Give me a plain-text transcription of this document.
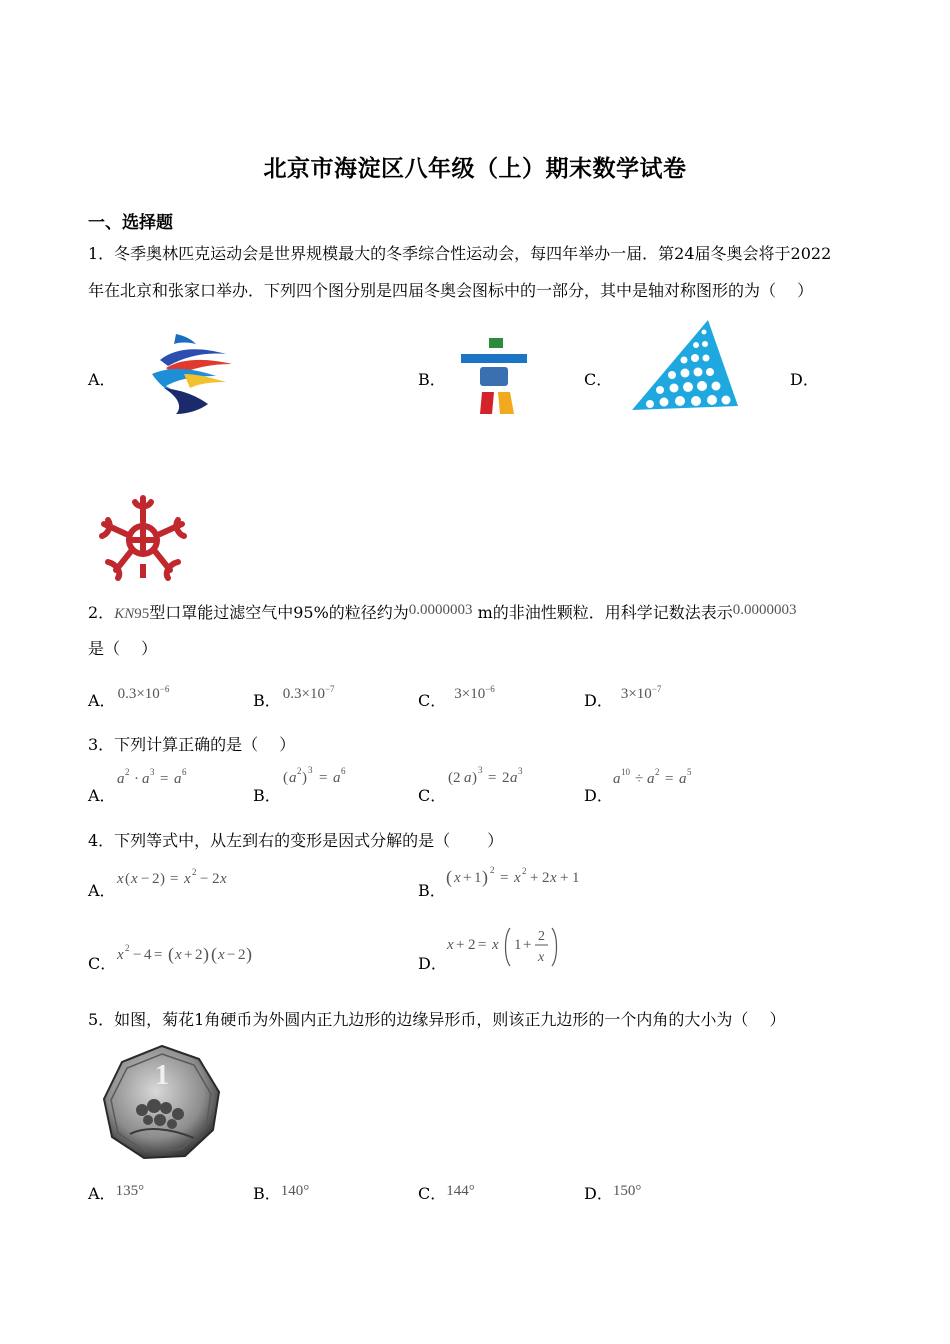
北京市海淀区八年级（上）期末数学试卷
一、选择题
1．冬季奥林匹克运动会是世界规模最大的冬季综合性运动会，每四年举办一届．第24届冬奥会将于2022
年在北京和张家口举办．下列四个图分别是四届冬奥会图标中的一部分，其中是轴对称图形的为（　 ）
A．	B．	C．	D．
2．KN95型口罩能过滤空气中95%的粒径约为0.0000003 m的非油性颗粒．用科学记数法表示0.0000003
是（　 ）
A． $0.3\times 10^{-6}$
B． $0.3\times 10^{-7}$
C． $3\times 10^{-6}$
D． $3\times 10^{-7}$
3．下列计算正确的是（　 ）
A．
a 2 · a 3 = a 6
B．
( a 2 ) 3 = a 6
C．
(2 a ) 3 = 2 a 3
D．
a 10 ÷ a 2 = a 5
4．下列等式中，从左到右的变形是因式分解的是（　　 ）
A．
x ( x − 2 ) = x 2 − 2 x
B．
( x + 1 ) 2 = x 2 + 2 x + 1
C． x 2 − 4 = ( x + 2 ) ( x − 2 )	D．
x + 2 = x 1 +
2
x
5．如图，菊花1角硬币为外圆内正九边形的边缘异形币，则该正九边形的一个内角的大小为（　 ）
1
A．135°	B．140°	C．144°	D．150°
